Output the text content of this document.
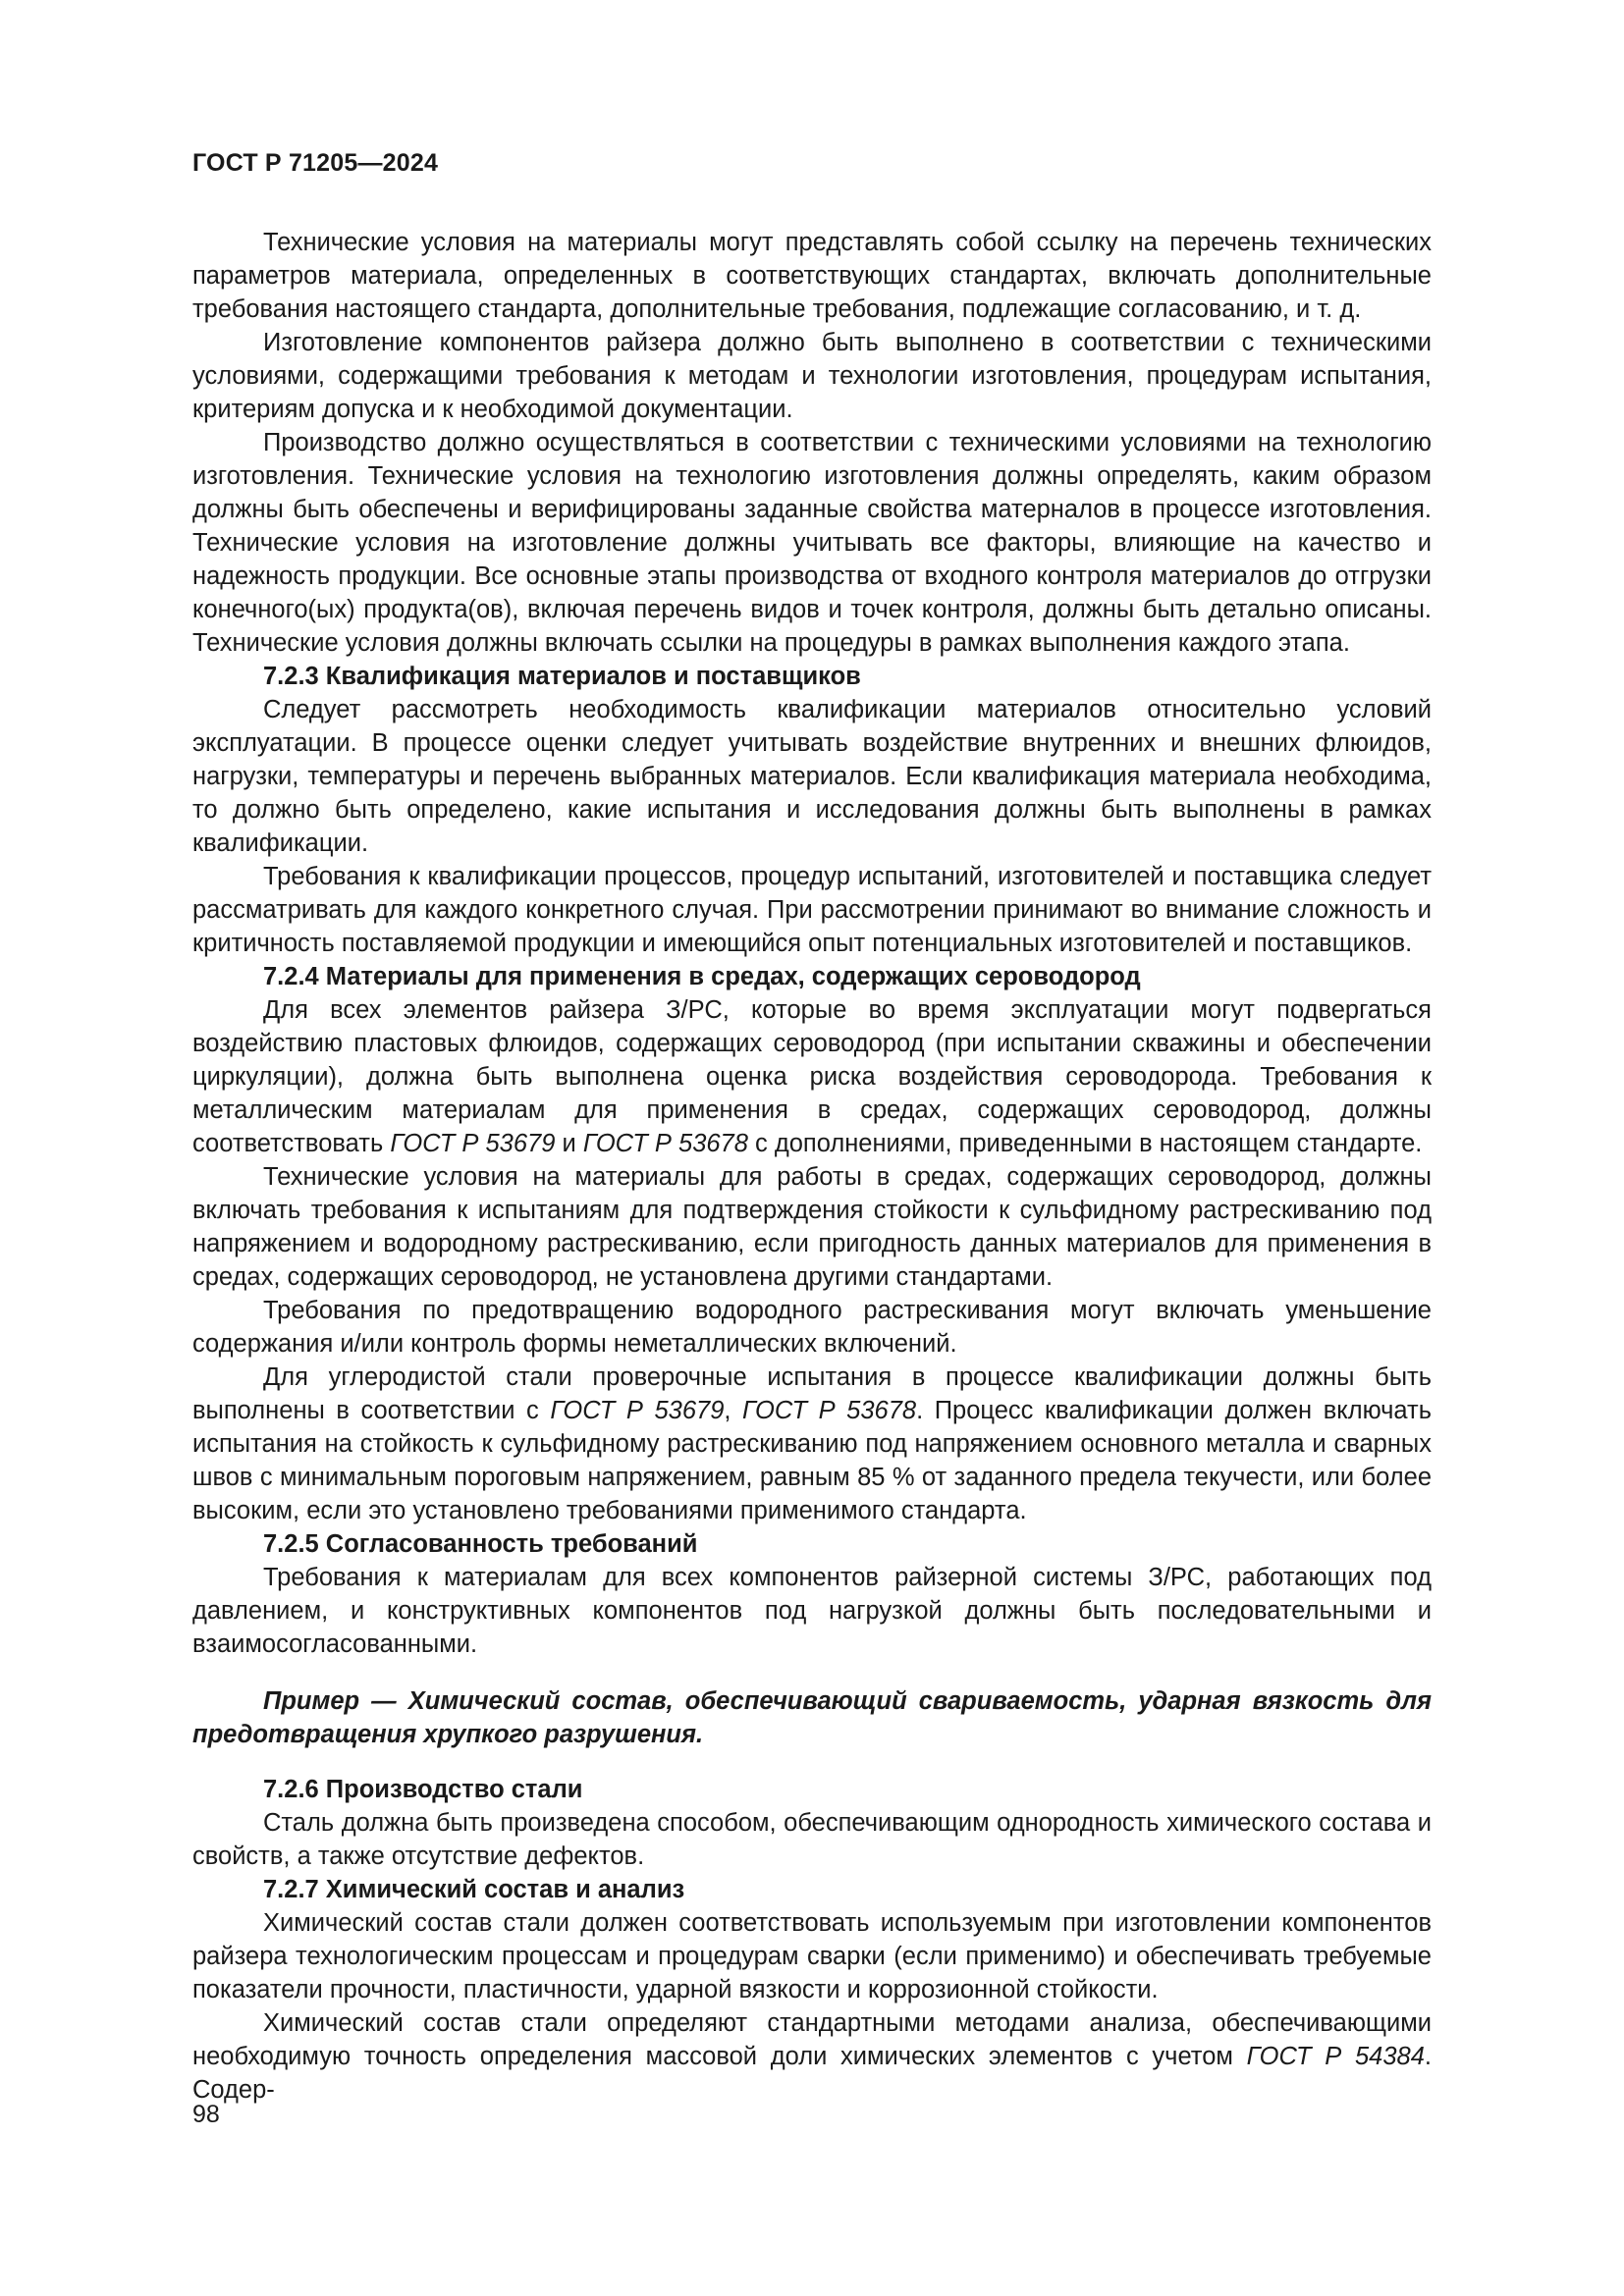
ГОСТ Р 71205—2024

Технические условия на материалы могут представлять собой ссылку на перечень технических параметров материала, определенных в соответствующих стандартах, включать дополнительные требования настоящего стандарта, дополнительные требования, подлежащие согласованию, и т. д.

Изготовление компонентов райзера должно быть выполнено в соответствии с техническими условиями, содержащими требования к методам и технологии изготовления, процедурам испытания, критериям допуска и к необходимой документации.

Производство должно осуществляться в соответствии с техническими условиями на технологию изготовления. Технические условия на технологию изготовления должны определять, каким образом должны быть обеспечены и верифицированы заданные свойства матерналов в процессе изготовления. Технические условия на изготовление должны учитывать все факторы, влияющие на качество и надежность продукции. Все основные этапы производства от входного контроля материалов до отгрузки конечного(ых) продукта(ов), включая перечень видов и точек контроля, должны быть детально описаны. Технические условия должны включать ссылки на процедуры в рамках выполнения каждого этапа.

7.2.3 Квалификация материалов и поставщиков

Следует рассмотреть необходимость квалификации материалов относительно условий эксплуатации. В процессе оценки следует учитывать воздействие внутренних и внешних флюидов, нагрузки, температуры и перечень выбранных материалов. Если квалификация материала необходима, то должно быть определено, какие испытания и исследования должны быть выполнены в рамках квалификации.

Требования к квалификации процессов, процедур испытаний, изготовителей и поставщика следует рассматривать для каждого конкретного случая. При рассмотрении принимают во внимание сложность и критичность поставляемой продукции и имеющийся опыт потенциальных изготовителей и поставщиков.

7.2.4 Материалы для применения в средах, содержащих сероводород

Для всех элементов райзера З/РС, которые во время эксплуатации могут подвергаться воздействию пластовых флюидов, содержащих сероводород (при испытании скважины и обеспечении циркуляции), должна быть выполнена оценка риска воздействия сероводорода. Требования к металлическим материалам для применения в средах, содержащих сероводород, должны соответствовать ГОСТ Р 53679 и ГОСТ Р 53678 с дополнениями, приведенными в настоящем стандарте.

Технические условия на материалы для работы в средах, содержащих сероводород, должны включать требования к испытаниям для подтверждения стойкости к сульфидному растрескиванию под напряжением и водородному растрескиванию, если пригодность данных материалов для применения в средах, содержащих сероводород, не установлена другими стандартами.

Требования по предотвращению водородного растрескивания могут включать уменьшение содержания и/или контроль формы неметаллических включений.

Для углеродистой стали проверочные испытания в процессе квалификации должны быть выполнены в соответствии с ГОСТ Р 53679, ГОСТ Р 53678. Процесс квалификации должен включать испытания на стойкость к сульфидному растрескиванию под напряжением основного металла и сварных швов с минимальным пороговым напряжением, равным 85 % от заданного предела текучести, или более высоким, если это установлено требованиями применимого стандарта.

7.2.5 Согласованность требований

Требования к материалам для всех компонентов райзерной системы З/РС, работающих под давлением, и конструктивных компонентов под нагрузкой должны быть последовательными и взаимосогласованными.

Пример — Химический состав, обеспечивающий свариваемость, ударная вязкость для предотвращения хрупкого разрушения.

7.2.6 Производство стали

Сталь должна быть произведена способом, обеспечивающим однородность химического состава и свойств, а также отсутствие дефектов.

7.2.7 Химический состав и анализ

Химический состав стали должен соответствовать используемым при изготовлении компонентов райзера технологическим процессам и процедурам сварки (если применимо) и обеспечивать требуемые показатели прочности, пластичности, ударной вязкости и коррозионной стойкости.

Химический состав стали определяют стандартными методами анализа, обеспечивающими необходимую точность определения массовой доли химических элементов с учетом ГОСТ Р 54384. Содер-

98
